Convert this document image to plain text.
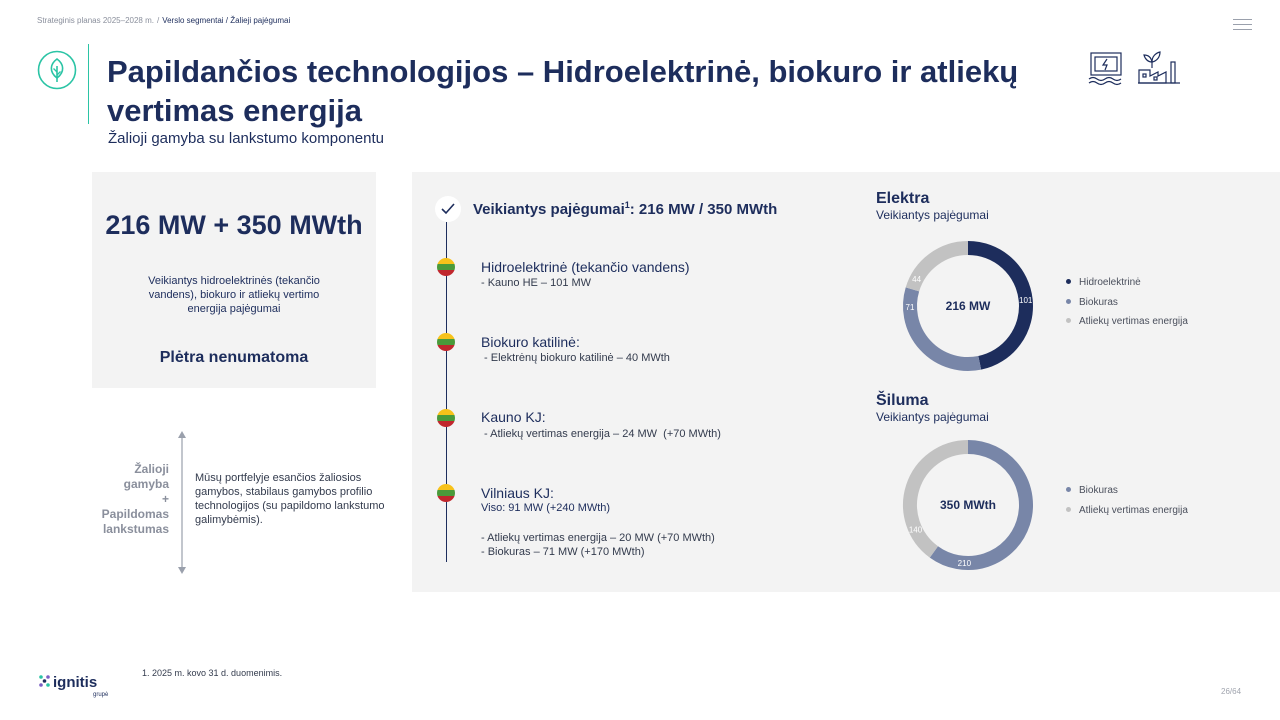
Strateginis planas 2025–2028 m. / Verslo segmentai / Žalieji pajėgumai
Papildančios technologijos – Hidroelektrinė, biokuro ir atliekų vertimas energija
Žalioji gamyba su lankstumo komponentu
216 MW + 350 MWth
Veikiantys hidroelektrinės (tekančio vandens), biokuro ir atliekų vertimo energija pajėgumai
Plėtra nenumatoma
Žalioji
gamyba
+
Papildomas
lankstumas
Mūsų portfelyje esančios žaliosios gamybos, stabilaus gamybos profilio technologijos (su papildomo lankstumo galimybėmis).
Veikiantys pajėgumai$^1$: 216 MW / 350 MWth
Hidroelektrinė (tekančio vandens)
- Kauno HE – 101 MW
Biokuro katilinė:
- Elektrėnų biokuro katilinė – 40 MWth
Kauno KJ:
- Atliekų vertimas energija – 24 MW  (+70 MWth)
Vilniaus KJ:
Viso: 91 MW (+240 MWth)
- Atliekų vertimas energija – 20 MW (+70 MWth)
- Biokuras – 71 MW (+170 MWth)
Elektra
Veikiantys pajėgumai
101
71
44
216 MW
Hidroelektrinė
Biokuras
Atliekų vertimas energija
Šiluma
Veikiantys pajėgumai
210
140
350 MWth
Biokuras
Atliekų vertimas energija
1. 2025 m. kovo 31 d. duomenimis.
ignitis
grupė	26/64
